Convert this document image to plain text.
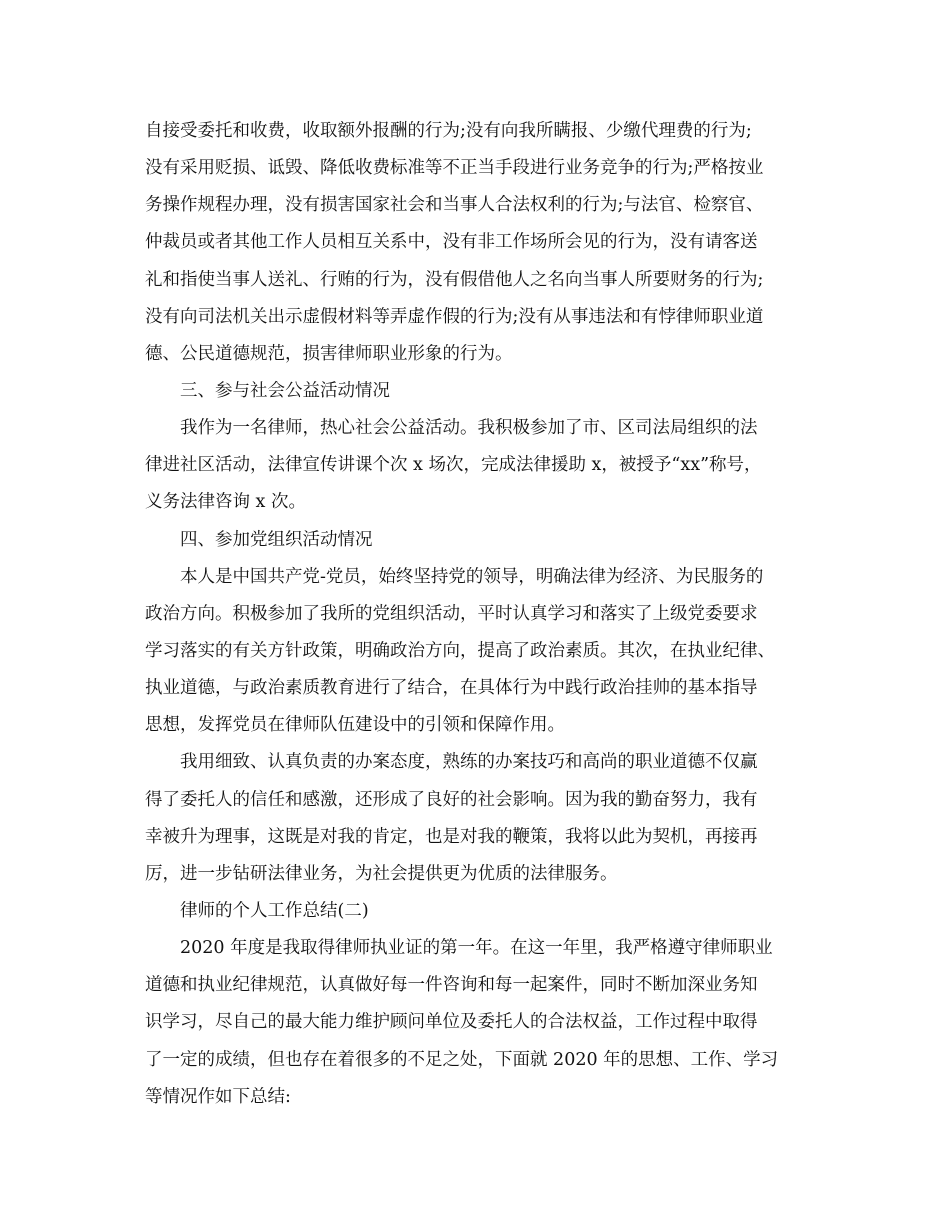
自接受委托和收费，收取额外报酬的行为;没有向我所瞒报、少缴代理费的行为;
没有采用贬损、诋毁、降低收费标准等不正当手段进行业务竞争的行为;严格按业
务操作规程办理，没有损害国家社会和当事人合法权利的行为;与法官、检察官、
仲裁员或者其他工作人员相互关系中，没有非工作场所会见的行为，没有请客送
礼和指使当事人送礼、行贿的行为，没有假借他人之名向当事人所要财务的行为;
没有向司法机关出示虚假材料等弄虚作假的行为;没有从事违法和有悖律师职业道
德、公民道德规范，损害律师职业形象的行为。
三、参与社会公益活动情况
我作为一名律师，热心社会公益活动。我积极参加了市、区司法局组织的法
律进社区活动，法律宣传讲课个次 x 场次，完成法律援助 x，被授予“xx”称号，
义务法律咨询 x 次。
四、参加党组织活动情况
本人是中国共产党-党员，始终坚持党的领导，明确法律为经济、为民服务的
政治方向。积极参加了我所的党组织活动，平时认真学习和落实了上级党委要求
学习落实的有关方针政策，明确政治方向，提高了政治素质。其次，在执业纪律、
执业道德，与政治素质教育进行了结合，在具体行为中践行政治挂帅的基本指导
思想，发挥党员在律师队伍建设中的引领和保障作用。
我用细致、认真负责的办案态度，熟练的办案技巧和高尚的职业道德不仅赢
得了委托人的信任和感激，还形成了良好的社会影响。因为我的勤奋努力，我有
幸被升为理事，这既是对我的肯定，也是对我的鞭策，我将以此为契机，再接再
厉，进一步钻研法律业务，为社会提供更为优质的法律服务。
律师的个人工作总结(二)
2020 年度是我取得律师执业证的第一年。在这一年里，我严格遵守律师职业
道德和执业纪律规范，认真做好每一件咨询和每一起案件，同时不断加深业务知
识学习，尽自己的最大能力维护顾问单位及委托人的合法权益，工作过程中取得
了一定的成绩，但也存在着很多的不足之处，下面就 2020 年的思想、工作、学习
等情况作如下总结:
